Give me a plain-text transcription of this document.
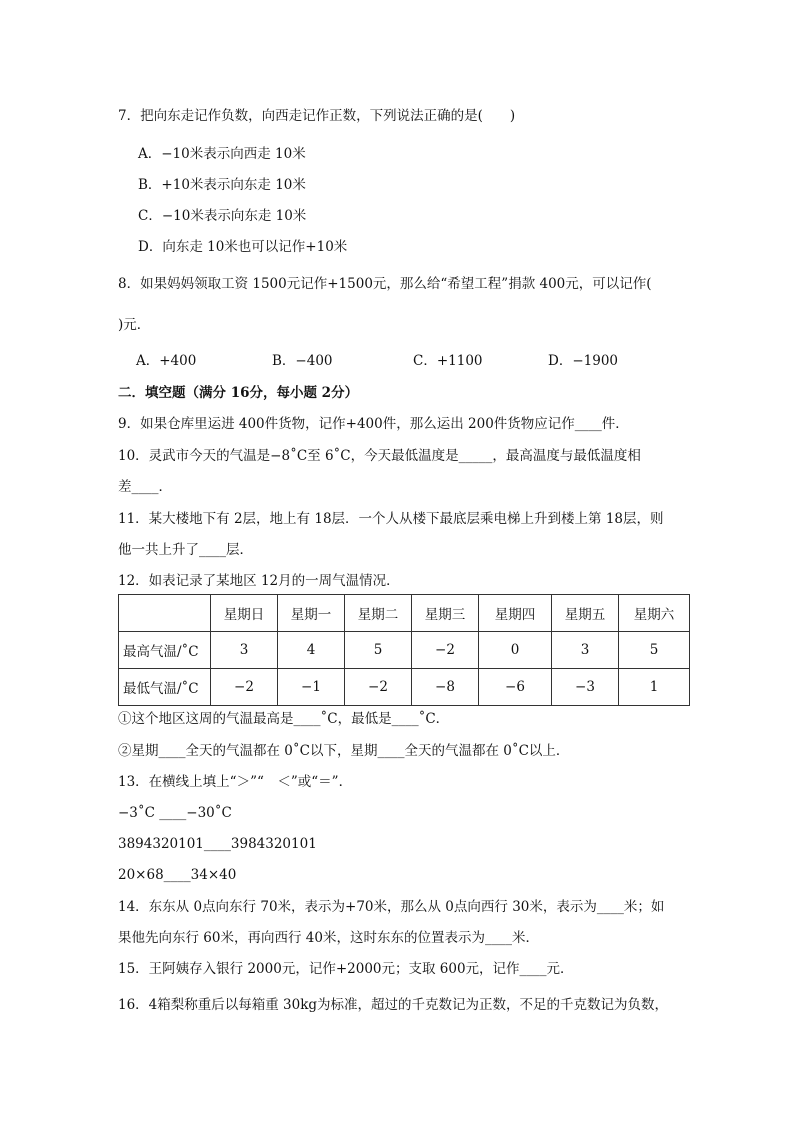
7．把向东走记作负数，向西走记作正数，下列说法正确的是(　　)
A．−10米表示向西走 10米
B．+10米表示向东走 10米
C．−10米表示向东走 10米
D．向东走 10米也可以记作+10米
8．如果妈妈领取工资 1500元记作+1500元，那么给“希望工程”捐款 400元，可以记作(
)元．
A．+400	B．−400	C．+1100	D．−1900
二．填空题（满分 16分，每小题 2分）
9．如果仓库里运进 400件货物，记作+400件，那么运出 200件货物应记作____件．
10．灵武市今天的气温是−8˚C至 6˚C，今天最低温度是_____，最高温度与最低温度相
差____．
11．某大楼地下有 2层，地上有 18层．一个人从楼下最底层乘电梯上升到楼上第 18层，则
他一共上升了____层．
12．如表记录了某地区 12月的一周气温情况．
	星期日	星期一	星期二	星期三	星期四	星期五	星期六
最高气温/˚C	3	4	5	−2	0	3	5
最低气温/˚C	−2	−1	−2	−8	−6	−3	1
①这个地区这周的气温最高是____˚C，最低是____˚C．
②星期____全天的气温都在 0˚C以下，星期____全天的气温都在 0˚C以上．
13．在横线上填上“＞”“　＜”或“＝”．
−3˚C ____−30˚C
3894320101____3984320101
20×68____34×40
14．东东从 0点向东行 70米，表示为+70米，那么从 0点向西行 30米，表示为____米；如
果他先向东行 60米，再向西行 40米，这时东东的位置表示为____米．
15．王阿姨存入银行 2000元，记作+2000元；支取 600元，记作____元．
16．4箱梨称重后以每箱重 30kg为标准，超过的千克数记为正数，不足的千克数记为负数，
